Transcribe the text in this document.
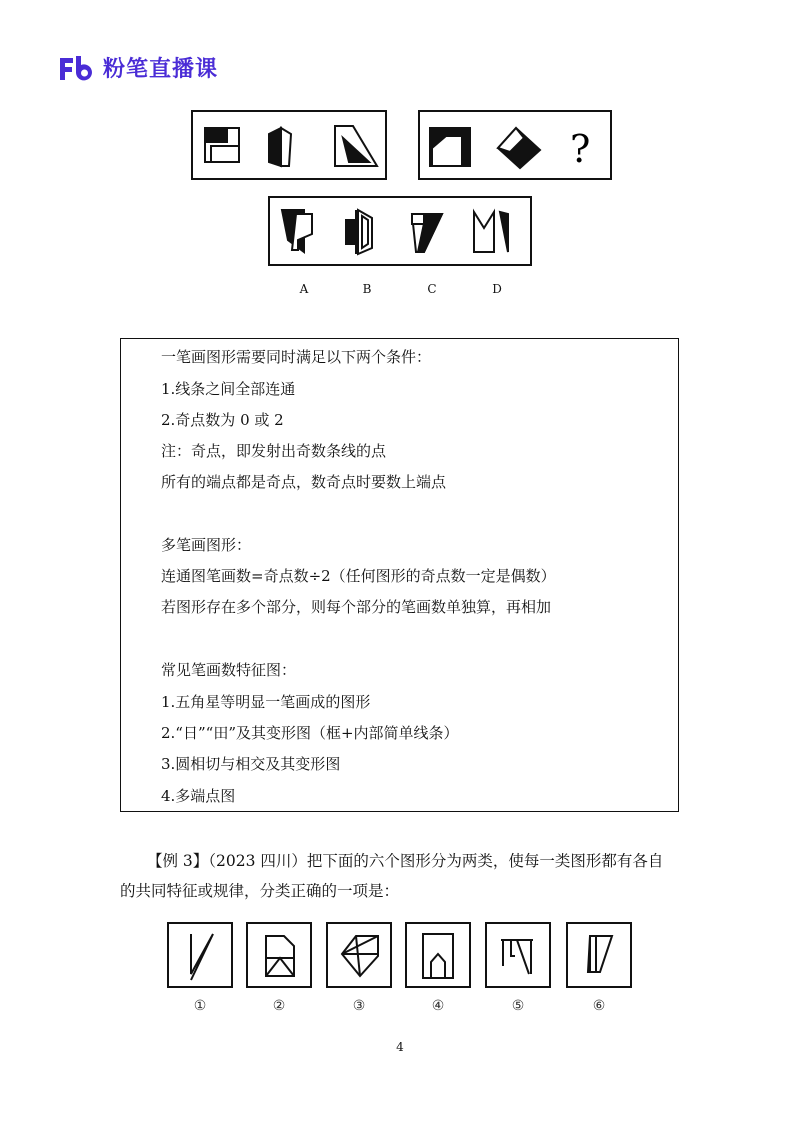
粉笔直播课
?
A	B	C	D
一笔画图形需要同时满足以下两个条件：
1.线条之间全部连通
2.奇点数为 0 或 2
注：奇点，即发射出奇数条线的点
所有的端点都是奇点，数奇点时要数上端点
多笔画图形：
连通图笔画数=奇点数÷2（任何图形的奇点数一定是偶数）
若图形存在多个部分，则每个部分的笔画数单独算，再相加
常见笔画数特征图：
1.五角星等明显一笔画成的图形
2.“日”“田”及其变形图（框+内部简单线条）
3.圆相切与相交及其变形图
4.多端点图
【例 3】（2023 四川）把下面的六个图形分为两类，使每一类图形都有各自
的共同特征或规律，分类正确的一项是：
①	②	③	④	⑤	⑥
4
